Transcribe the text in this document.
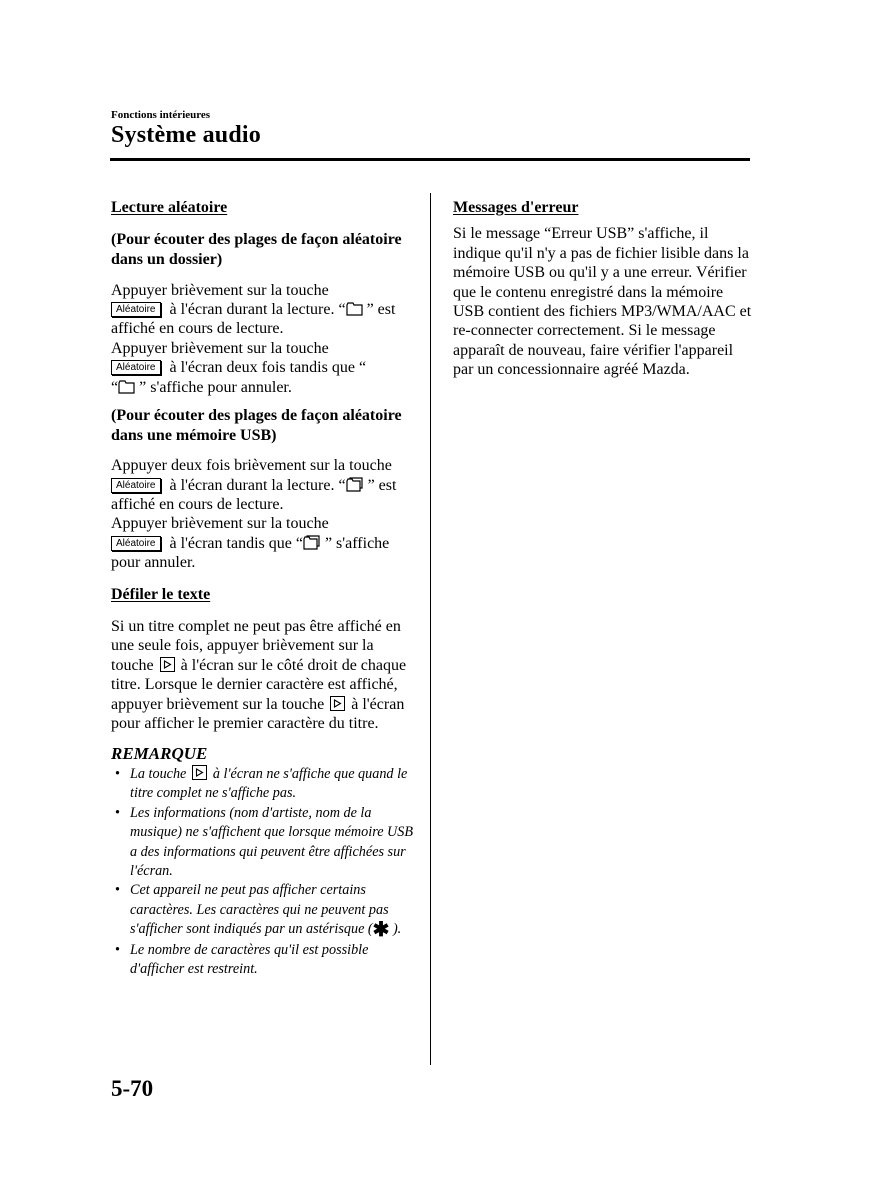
Fonctions intérieures
Système audio
Lecture aléatoire
(Pour écouter des plages de façon aléatoire dans un dossier)
Appuyer brièvement sur la touche
Aléatoire à l'écran durant la lecture. “ ” est affiché en cours de lecture.
Appuyer brièvement sur la touche
Aléatoire à l'écran deux fois tandis que “
“ ” s'affiche pour annuler.
(Pour écouter des plages de façon aléatoire dans une mémoire USB)
Appuyer deux fois brièvement sur la touche Aléatoire à l'écran durant la lecture. “ ” est affiché en cours de lecture.
Appuyer brièvement sur la touche
Aléatoire à l'écran tandis que “ ” s'affiche pour annuler.
Défiler le texte
Si un titre complet ne peut pas être affiché en une seule fois, appuyer brièvement sur la touche à l'écran sur le côté droit de chaque titre. Lorsque le dernier caractère est affiché, appuyer brièvement sur la touche à l'écran pour afficher le premier caractère du titre.
REMARQUE
• La touche à l'écran ne s'affiche que quand le titre complet ne s'affiche pas.
• Les informations (nom d'artiste, nom de la musique) ne s'affichent que lorsque mémoire USB a des informations qui peuvent être affichées sur l'écran.
• Cet appareil ne peut pas afficher certains caractères. Les caractères qui ne peuvent pas s'afficher sont indiqués par un astérisque (✱ ).
• Le nombre de caractères qu'il est possible d'afficher est restreint.
Messages d'erreur
Si le message “Erreur USB” s'affiche, il indique qu'il n'y a pas de fichier lisible dans la mémoire USB ou qu'il y a une erreur. Vérifier que le contenu enregistré dans la mémoire USB contient des fichiers MP3/WMA/AAC et re-connecter correctement. Si le message apparaît de nouveau, faire vérifier l'appareil par un concessionnaire agréé Mazda.
5-70
